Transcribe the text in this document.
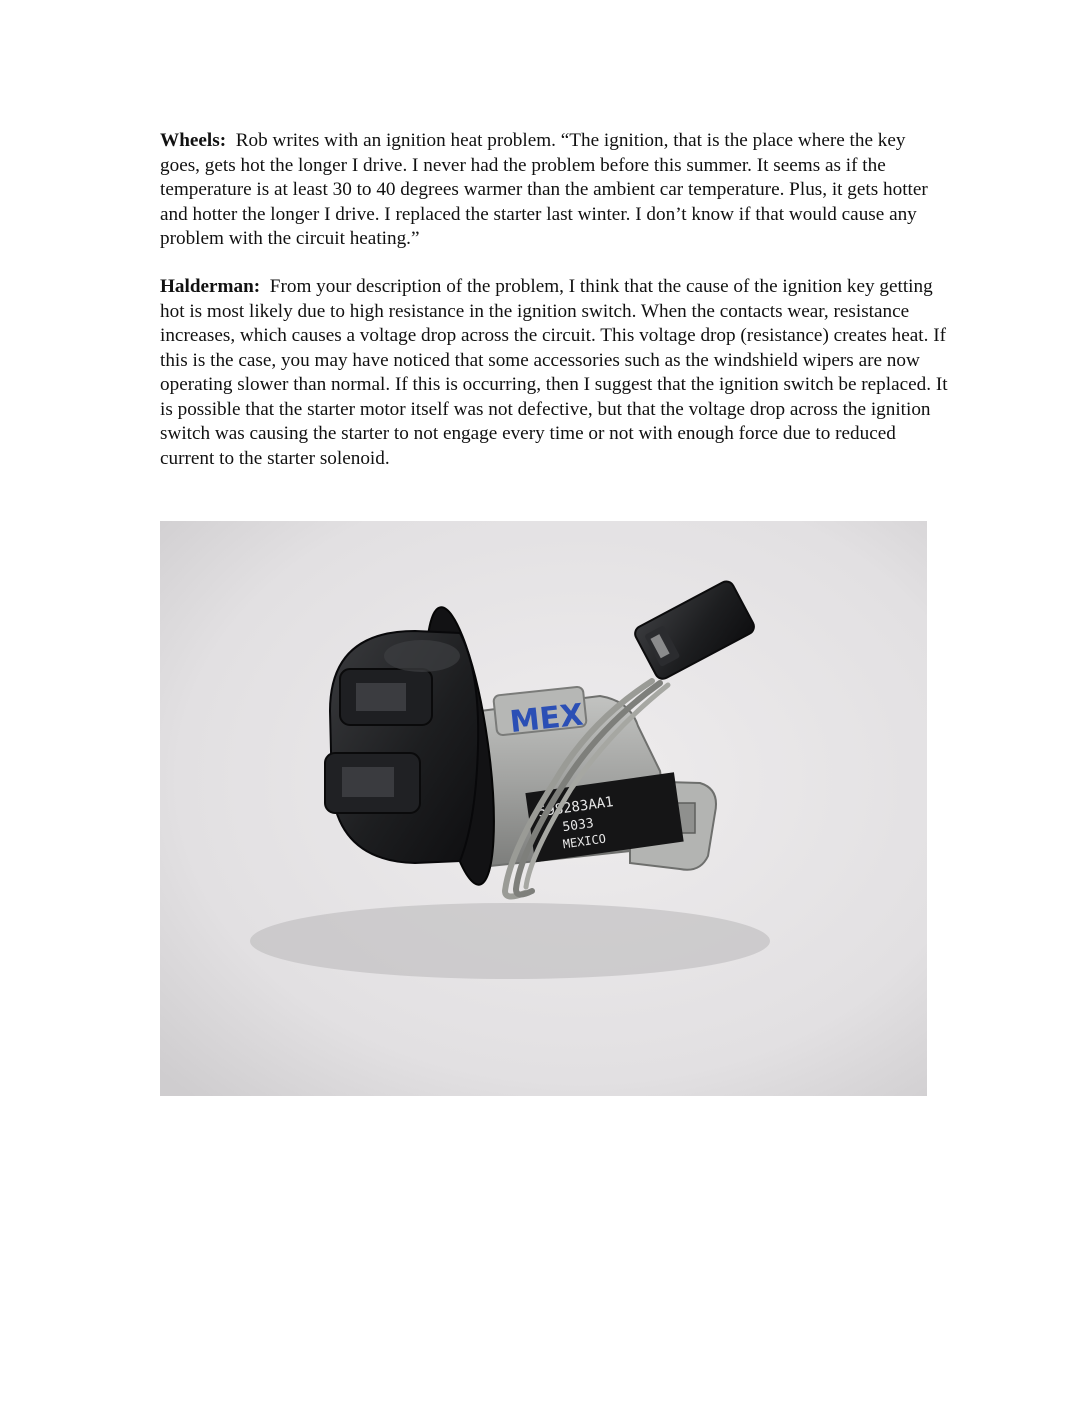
Wheels: Rob writes with an ignition heat problem. “The ignition, that is the place where the key goes, gets hot the longer I drive. I never had the problem before this summer. It seems as if the temperature is at least 30 to 40 degrees warmer than the ambient car temperature. Plus, it gets hotter and hotter the longer I drive. I replaced the starter last winter. I don’t know if that would cause any problem with the circuit heating.”

Halderman: From your description of the problem, I think that the cause of the ignition key getting hot is most likely due to high resistance in the ignition switch. When the contacts wear, resistance increases, which causes a voltage drop across the circuit. This voltage drop (resistance) creates heat. If this is the case, you may have noticed that some accessories such as the windshield wipers are now operating slower than normal. If this is occurring, then I suggest that the ignition switch be replaced. It is possible that the starter motor itself was not defective, but that the voltage drop across the ignition switch was causing the starter to not engage every time or not with enough force due to reduced current to the starter solenoid.

MEX
598283AA1
5033
MEXICO
